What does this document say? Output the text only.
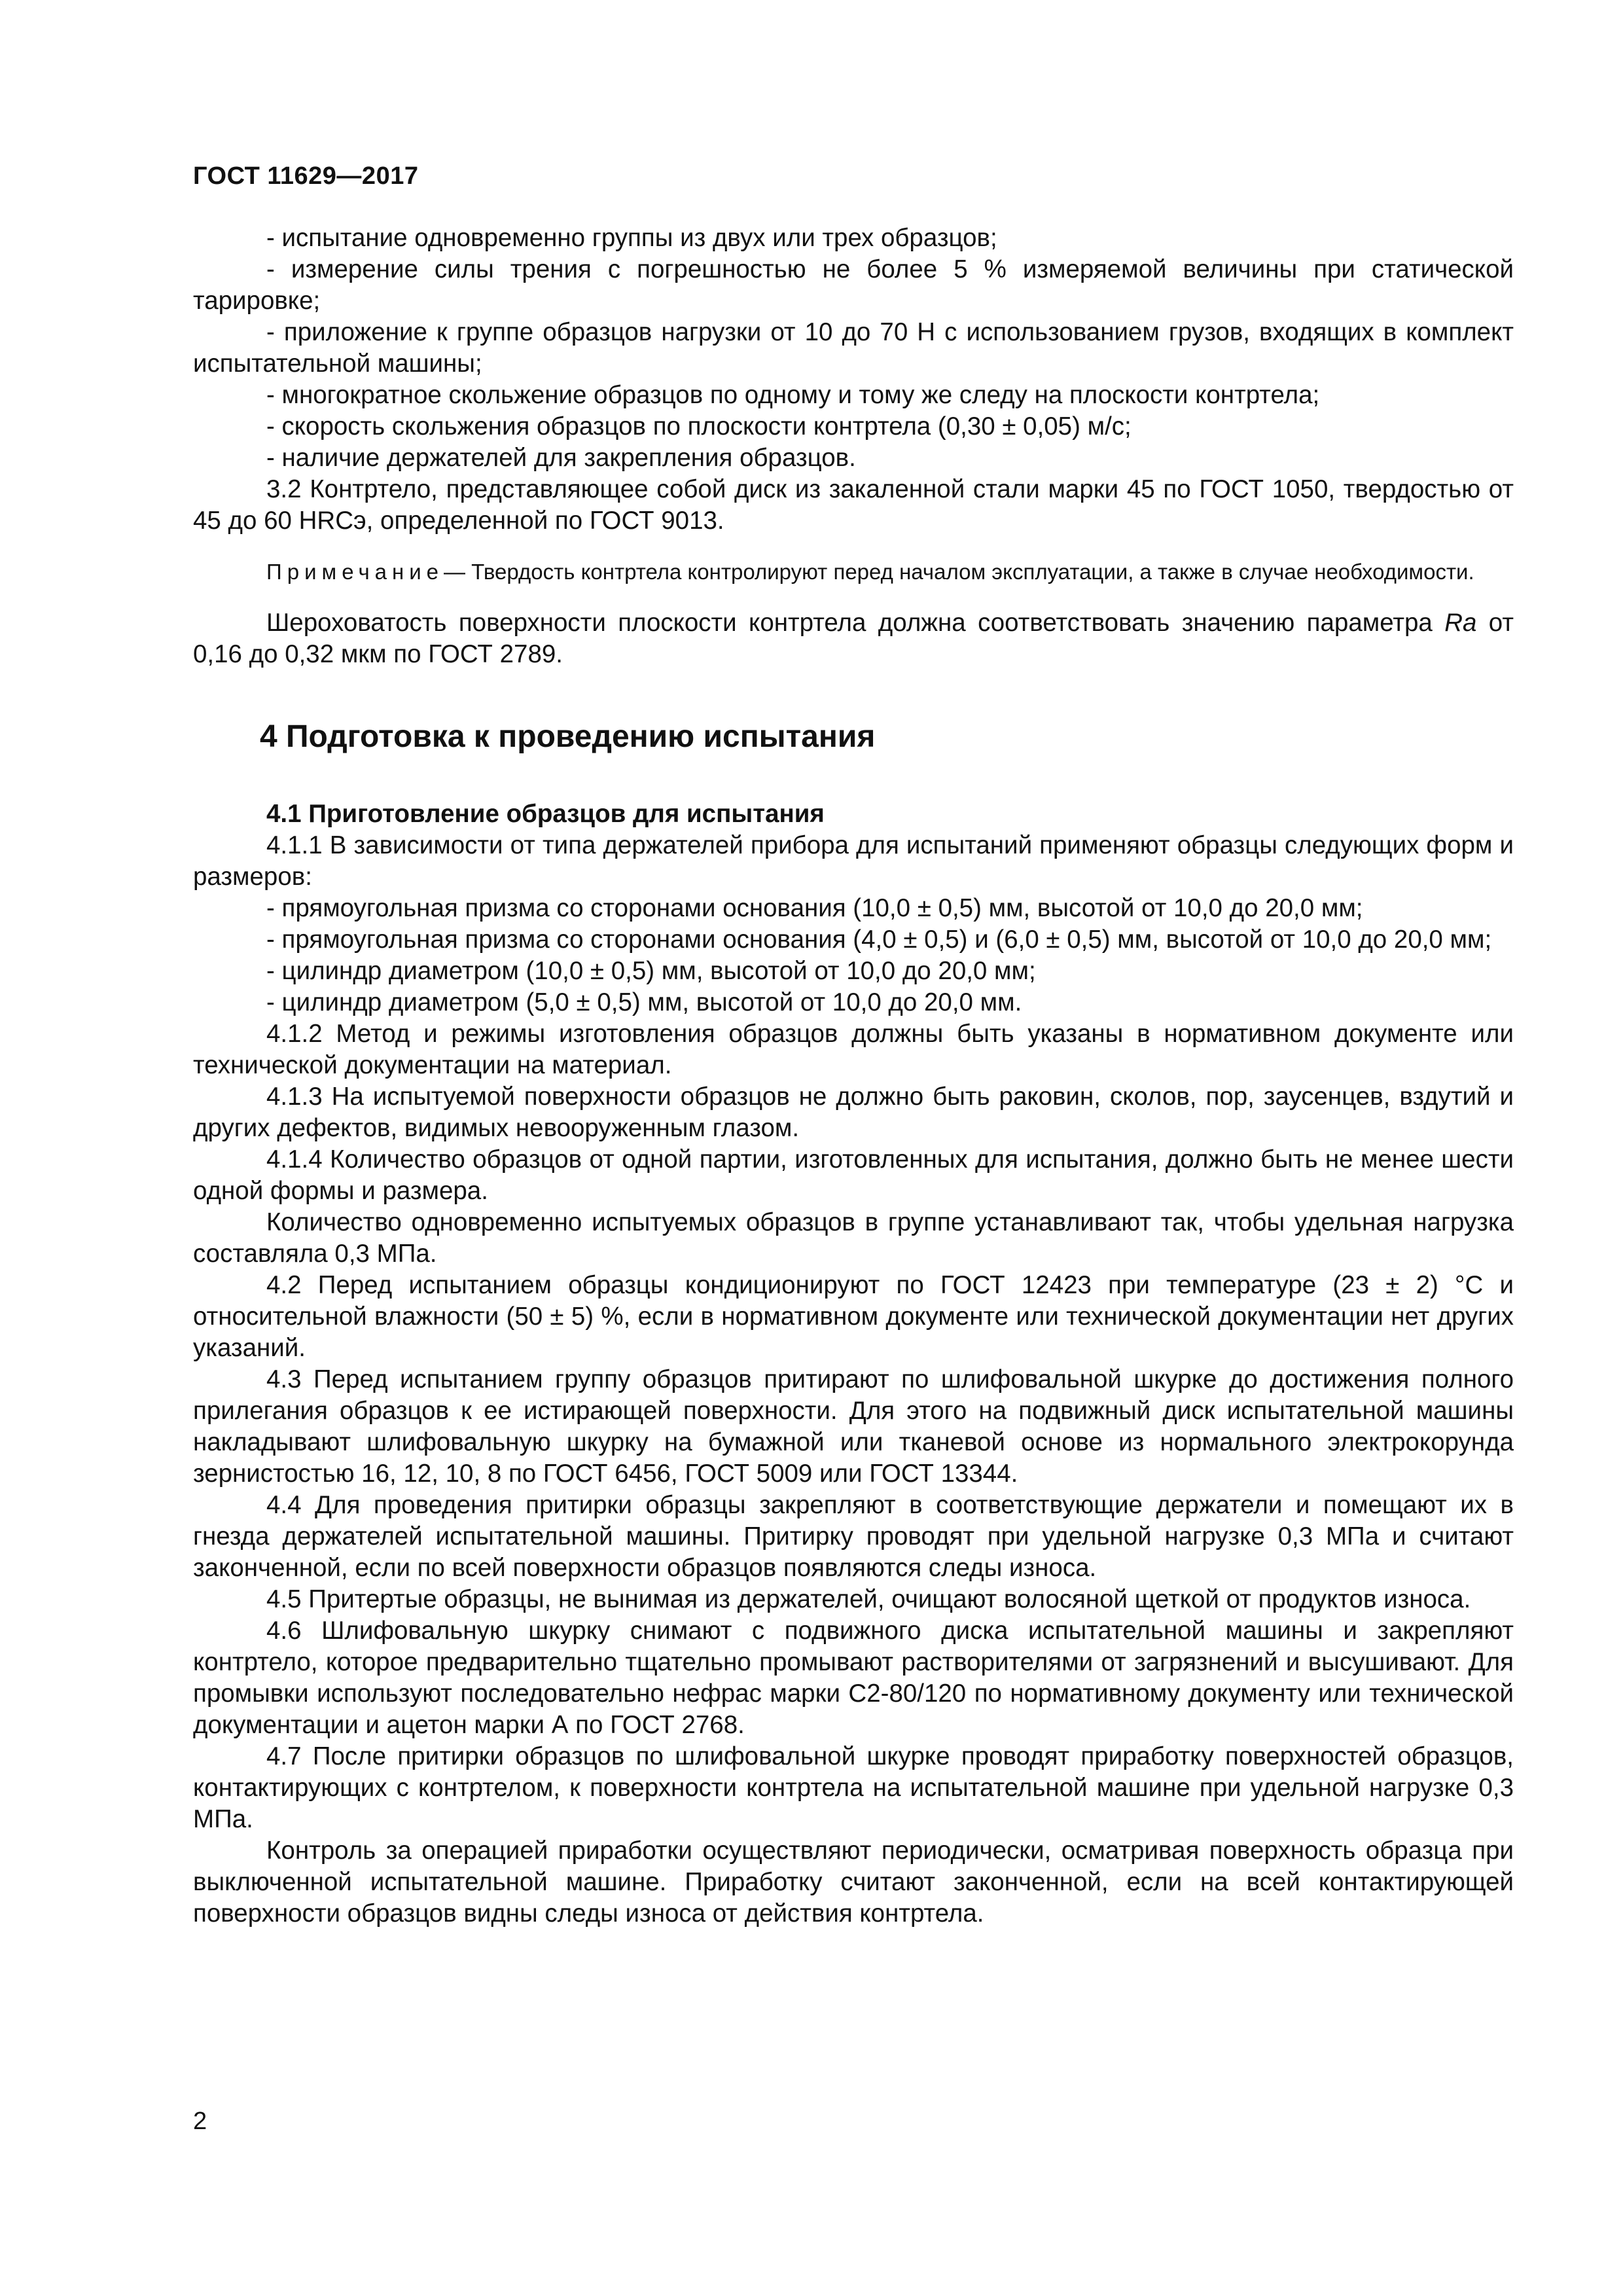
ГОСТ 11629—2017

- испытание одновременно группы из двух или трех образцов;

- измерение силы трения с погрешностью не более 5 % измеряемой величины при статической тарировке;

- приложение к группе образцов нагрузки от 10 до 70 Н с использованием грузов, входящих в комплект испытательной машины;

- многократное скольжение образцов по одному и тому же следу на плоскости контртела;

- скорость скольжения образцов по плоскости контртела (0,30 ± 0,05) м/с;

- наличие держателей для закрепления образцов.

3.2 Контртело, представляющее собой диск из закаленной стали марки 45 по ГОСТ 1050, твердостью от 45 до 60 HRCэ, определенной по ГОСТ 9013.

Примечание— Твердость контртела контролируют перед началом эксплуатации, а также в случае необходимости.

Шероховатость поверхности плоскости контртела должна соответствовать значению параметра Ra от 0,16 до 0,32 мкм по ГОСТ 2789.

4 Подготовка к проведению испытания
4.1 Приготовление образцов для испытания

4.1.1 В зависимости от типа держателей прибора для испытаний применяют образцы следующих форм и размеров:

- прямоугольная призма со сторонами основания (10,0 ± 0,5) мм, высотой от 10,0 до 20,0 мм;

- прямоугольная призма со сторонами основания (4,0 ± 0,5) и (6,0 ± 0,5) мм, высотой от 10,0 до 20,0 мм;

- цилиндр диаметром (10,0 ± 0,5) мм, высотой от 10,0 до 20,0 мм;

- цилиндр диаметром (5,0 ± 0,5) мм, высотой от 10,0 до 20,0 мм.

4.1.2 Метод и режимы изготовления образцов должны быть указаны в нормативном документе или технической документации на материал.

4.1.3 На испытуемой поверхности образцов не должно быть раковин, сколов, пор, заусенцев, вздутий и других дефектов, видимых невооруженным глазом.

4.1.4 Количество образцов от одной партии, изготовленных для испытания, должно быть не менее шести одной формы и размера.

Количество одновременно испытуемых образцов в группе устанавливают так, чтобы удельная нагрузка составляла 0,3 МПа.

4.2 Перед испытанием образцы кондиционируют по ГОСТ 12423 при температуре (23 ± 2) °С и относительной влажности (50 ± 5) %, если в нормативном документе или технической документации нет других указаний.

4.3 Перед испытанием группу образцов притирают по шлифовальной шкурке до достижения полного прилегания образцов к ее истирающей поверхности. Для этого на подвижный диск испытательной машины накладывают шлифовальную шкурку на бумажной или тканевой основе из нормального электрокорунда зернистостью 16, 12, 10, 8 по ГОСТ 6456, ГОСТ 5009 или ГОСТ 13344.

4.4 Для проведения притирки образцы закрепляют в соответствующие держатели и помещают их в гнезда держателей испытательной машины. Притирку проводят при удельной нагрузке 0,3 МПа и считают законченной, если по всей поверхности образцов появляются следы износа.

4.5 Притертые образцы, не вынимая из держателей, очищают волосяной щеткой от продуктов износа.

4.6 Шлифовальную шкурку снимают с подвижного диска испытательной машины и закрепляют контртело, которое предварительно тщательно промывают растворителями от загрязнений и высушивают. Для промывки используют последовательно нефрас марки С2-80/120 по нормативному документу или технической документации и ацетон марки А по ГОСТ 2768.

4.7 После притирки образцов по шлифовальной шкурке проводят приработку поверхностей образцов, контактирующих с контртелом, к поверхности контртела на испытательной машине при удельной нагрузке 0,3 МПа.

Контроль за операцией приработки осуществляют периодически, осматривая поверхность образца при выключенной испытательной машине. Приработку считают законченной, если на всей контактирующей поверхности образцов видны следы износа от действия контртела.

2
